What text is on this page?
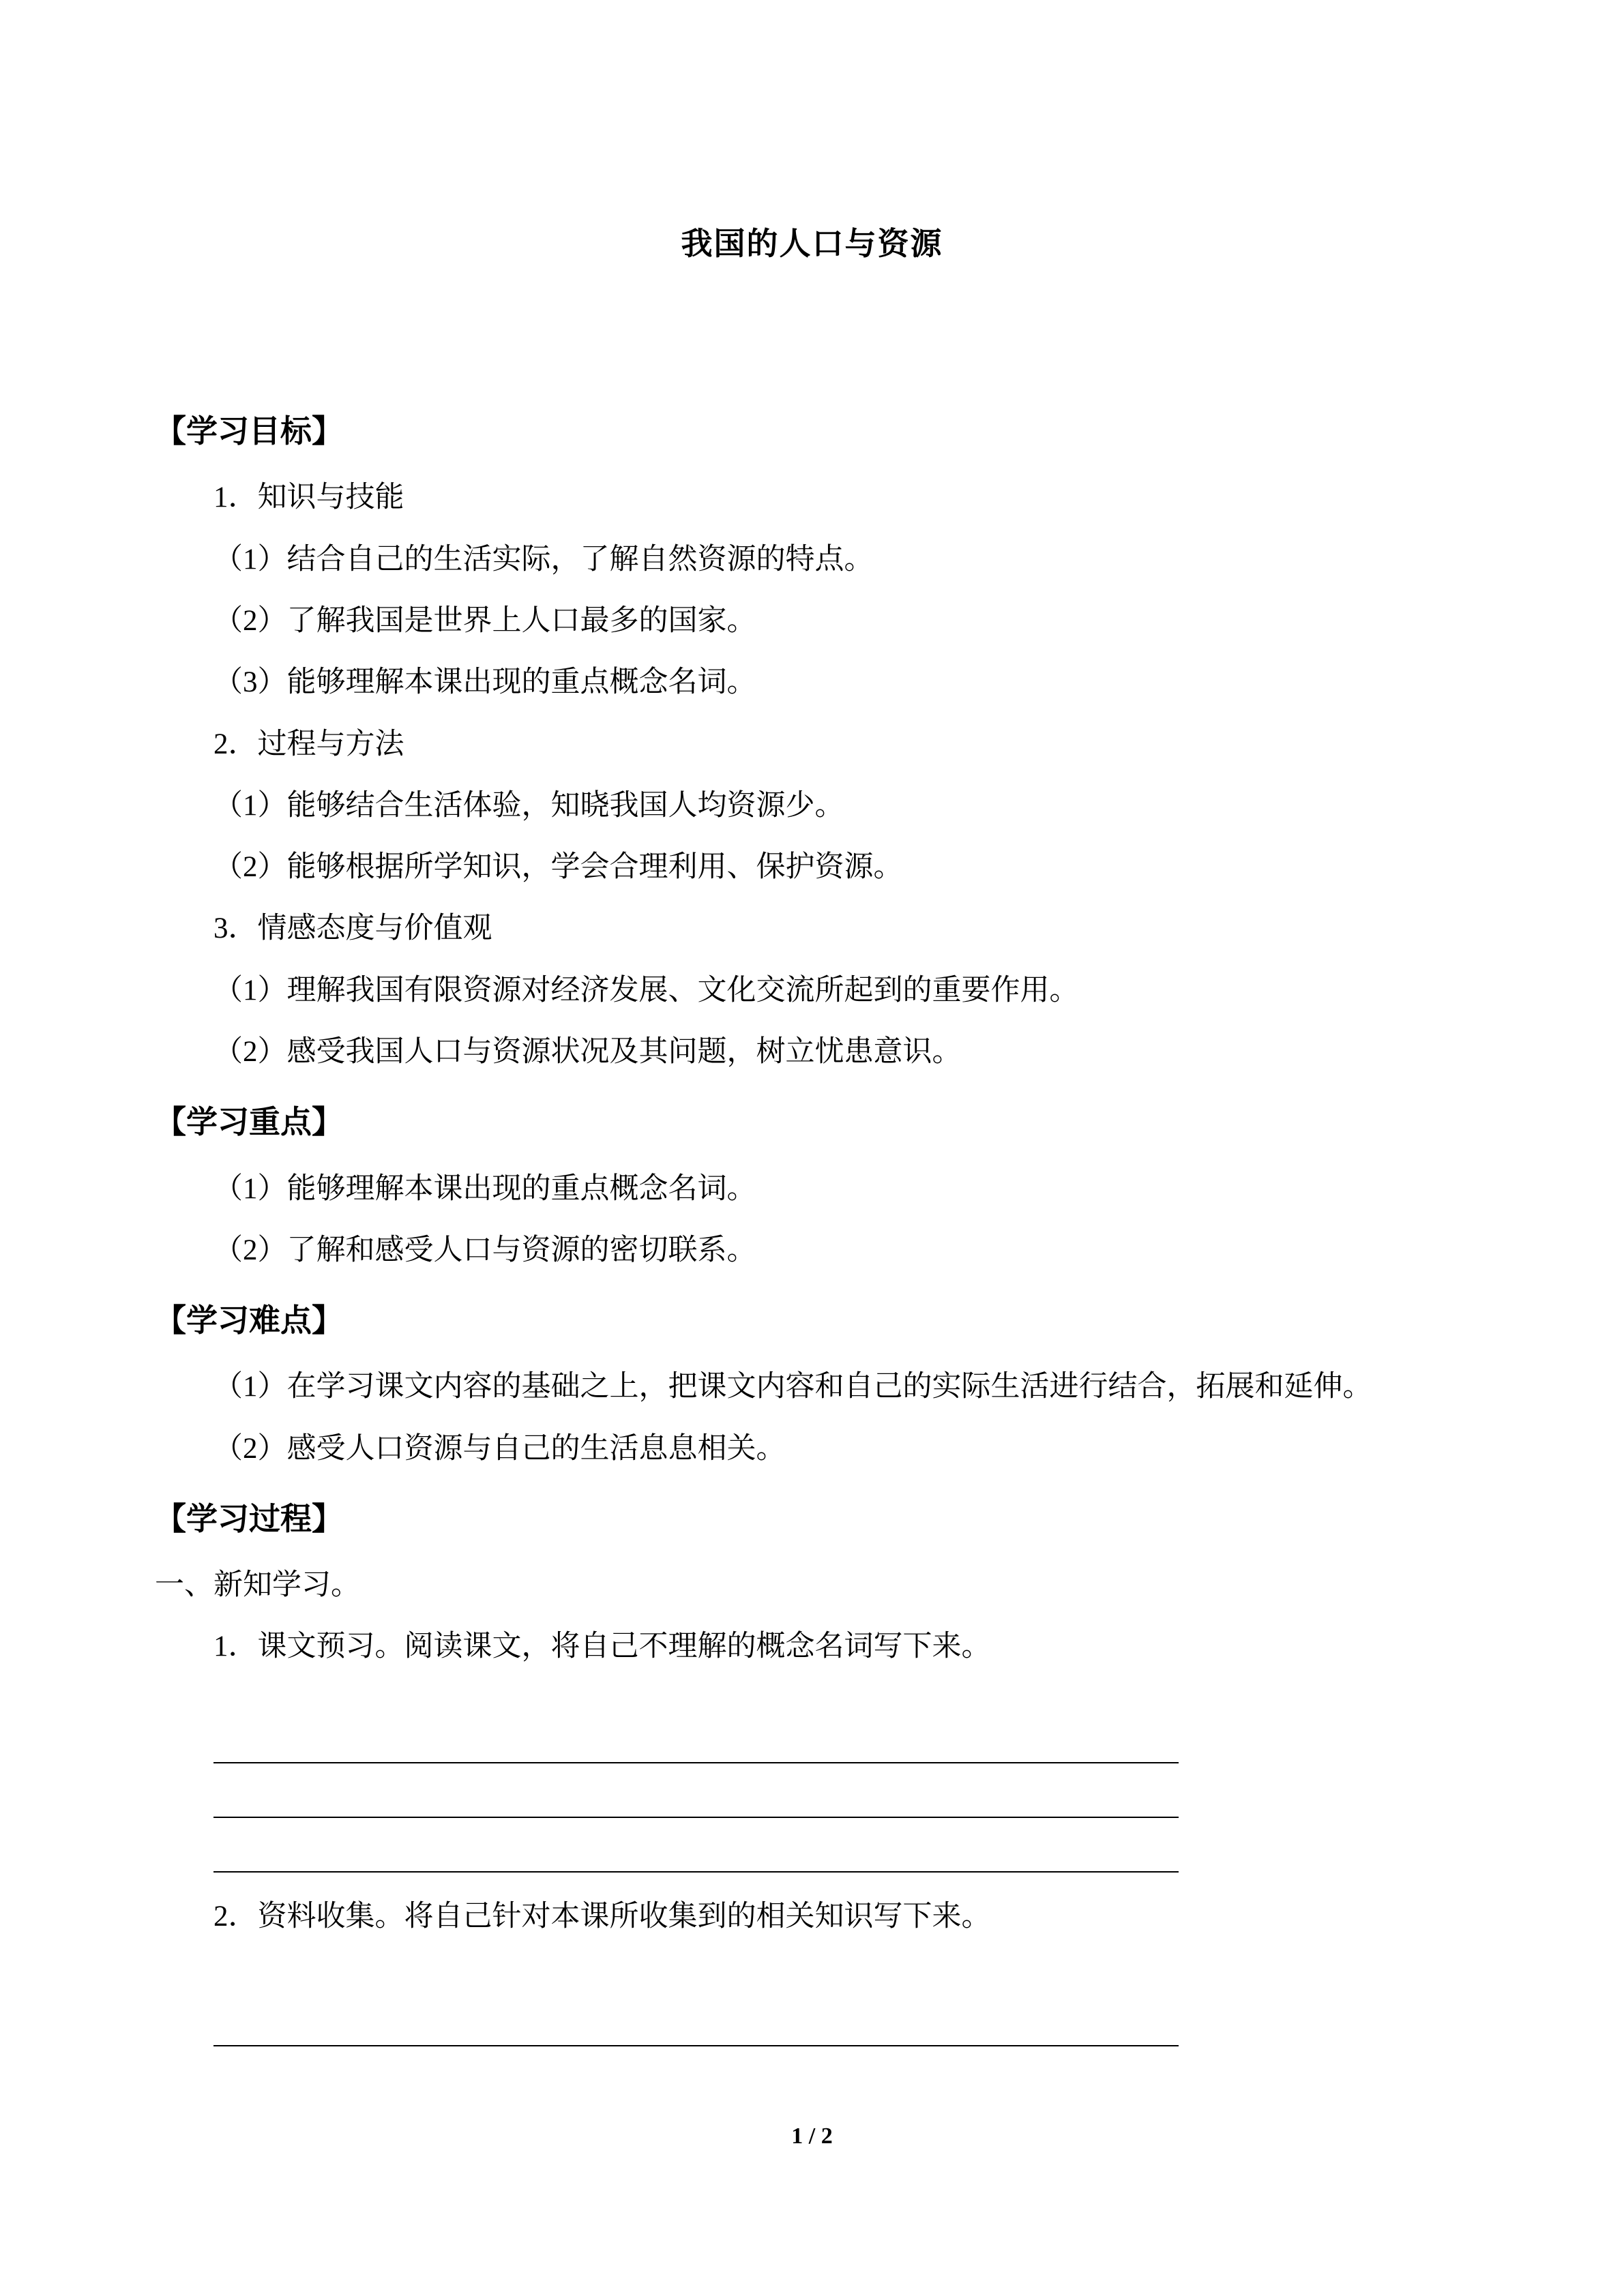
我国的人口与资源
【学习目标】

1．知识与技能

（1）结合自己的生活实际，了解自然资源的特点。

（2）了解我国是世界上人口最多的国家。

（3）能够理解本课出现的重点概念名词。

2．过程与方法

（1）能够结合生活体验，知晓我国人均资源少。

（2）能够根据所学知识，学会合理利用、保护资源。

3．情感态度与价值观

（1）理解我国有限资源对经济发展、文化交流所起到的重要作用。

（2）感受我国人口与资源状况及其问题，树立忧患意识。

【学习重点】

（1）能够理解本课出现的重点概念名词。

（2）了解和感受人口与资源的密切联系。

【学习难点】

（1）在学习课文内容的基础之上，把课文内容和自己的实际生活进行结合，拓展和延伸。

（2）感受人口资源与自己的生活息息相关。

【学习过程】

一、新知学习。

1．课文预习。阅读课文，将自己不理解的概念名词写下来。

2．资料收集。将自己针对本课所收集到的相关知识写下来。

1 / 2
